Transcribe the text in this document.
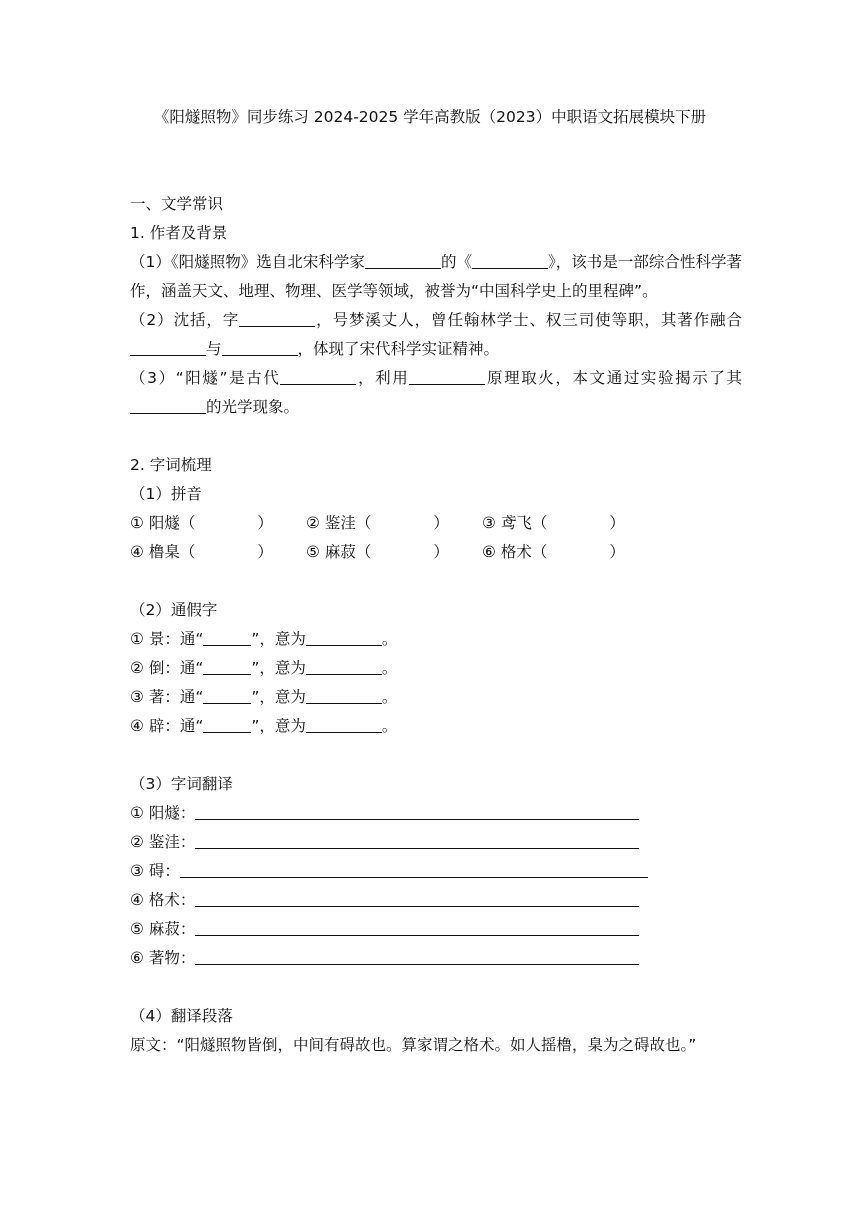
《阳燧照物》同步练习 2024-2025 学年高教版（2023）中职语文拓展模块下册
一、文学常识
1. 作者及背景
（1）《阳燧照物》选自北宋科学家	的《	》，该书是一部综合性科学著作，涵盖天文、地理、物理、医学等领域，被誉为“中国科学史上的里程碑”。
（2）沈括，字	，号梦溪丈人，曾任翰林学士、权三司使等职，其著作融合与	，体现了宋代科学实证精神。
（3）“阳燧”是古代	，利用	原理取火，本文通过实验揭示了其的光学现象。
2. 字词梳理
（1）拼音
① 阳燧（	）	② 鉴洼（	）	③ 鸢飞（	）
④ 橹臬（	）	⑤ 麻菽（	）	⑥ 格术（	）
（2）通假字
① 景：通“	”，意为	。
② 倒：通“	”，意为	。
③ 著：通“	”，意为	。
④ 辟：通“	”，意为	。
（3）字词翻译
① 阳燧：
② 鉴洼：
③ 碍：
④ 格术：
⑤ 麻菽：
⑥ 著物：
（4）翻译段落
原文：“阳燧照物皆倒，中间有碍故也。算家谓之格术。如人摇橹，臬为之碍故也。”
